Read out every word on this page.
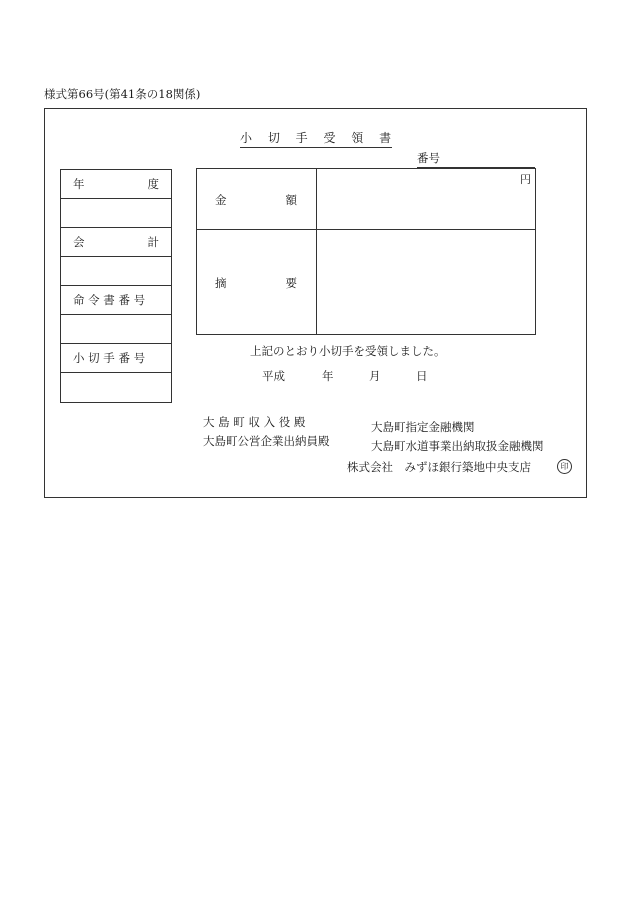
様式第66号(第41条の18関係)
小 切 手 受 領 書
番号
年	度
会	計
命 令 書 番 号
小 切 手 番 号
金	額
円
摘	要
上記のとおり小切手を受領しました。
平成	年	月	日
大 島 町 収 入 役 殿
大島町公営企業出納員殿
大島町指定金融機関
大島町水道事業出納取扱金融機関
株式会社　みずほ銀行築地中央支店	印
